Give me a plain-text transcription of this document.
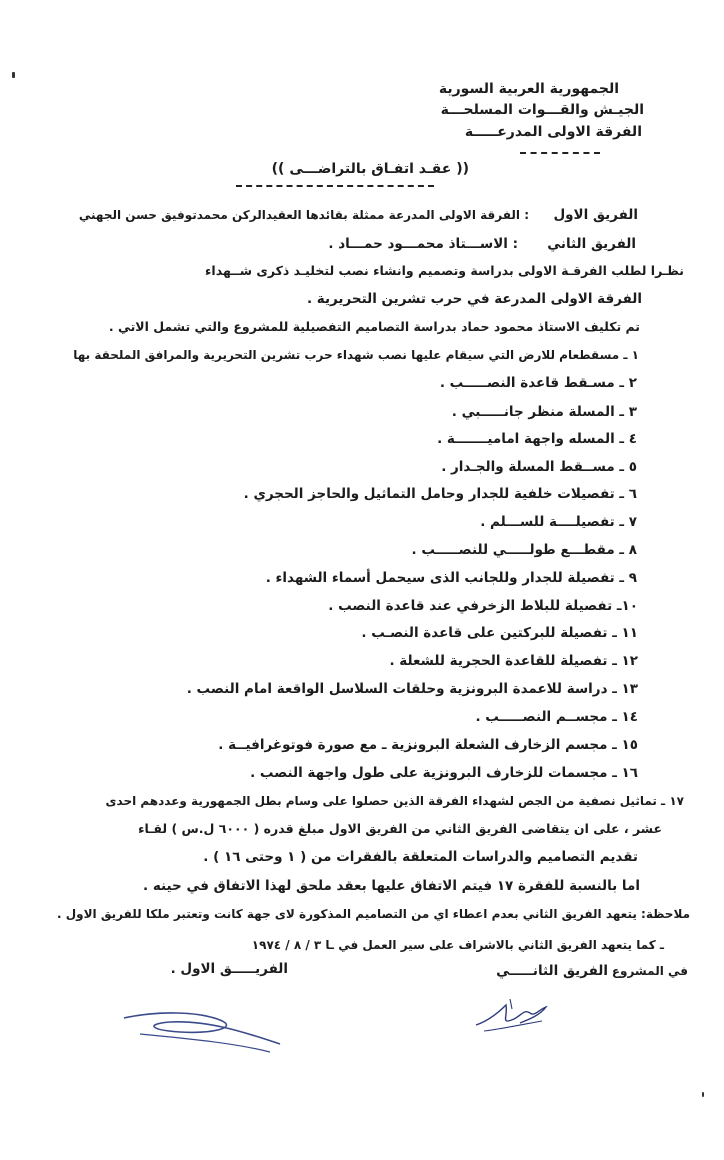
الجمهورية العربية السورية
الجيـش والقـــوات المسلحـــة
الفرقة الاولى المدرعـــــة
(( عقـد اتفـاق بالتراضـــى ))
الفريق الاول
: الفرقة الاولى المدرعة ممثلة بقائدها العقيدالركن محمدتوفيق حسن الجهني
الفريق الثاني
: الاســـتاذ محمـــود حمـــاد .
نظـرا لطلب الفرقـة الاولى بدراسة وتصميم وانشاء نصب لتخليـد ذكرى شــهداء
الفرقة الاولى المدرعة في حرب تشرين التحريرية .
تم تكليف الاستاذ محمود حماد بدراسة التصاميم التفصيلية للمشروع والتي تشمل الاتي .
١ ـ مسقطعام للارض التي سيقام عليها نصب شهداء حرب تشرين التحريرية والمرافق الملحقة بها
٢ ـ مسـقط قاعدة النصـــــب .
٣ ـ المسلة منظر جانـــــبي .
٤ ـ المسله واجهة اماميـــــــة .
٥ ـ مســقط المسلة والجـدار .
٦ ـ تفصيلات خلفية للجدار وحامل التماثيل والحاجز الحجري .
٧ ـ تفصيلــــة للســـلم .
٨ ـ مقطـــع طولـــــي للنصـــــب .
٩ ـ تفصيلة للجدار وللجانب الذى سيحمل أسماء الشهداء .
١٠ـ تفصيلة للبلاط الزخرفي عند قاعدة النصب .
١١ ـ تفصيلة للبركتين على قاعدة النصـب .
١٢ ـ تفصيلة للقاعدة الحجرية للشعلة .
١٣ ـ دراسة للاعمدة البرونزية وحلقات السلاسل الواقعة امام النصب .
١٤ ـ مجســم النصـــــب .
١٥ ـ مجسم الزخارف الشعلة البرونزية ـ مع صورة فوتوغرافيــة .
١٦ ـ مجسمات للزخارف البرونزية على طول واجهة النصب .
١٧ ـ تماثيل نصفية من الجص لشهداء الفرقة الذين حصلوا على وسام بطل الجمهورية وعددهم احدى
عشر ، على ان يتقاضى الفريق الثاني من الفريق الاول مبلغ قدره ( ٦٠٠٠ ل.س ) لقـاء
تقديم التصاميم والدراسات المتعلقة بالفقرات من ( ١ وحتى ١٦ ) .
اما بالنسبة للفقرة ١٧ فيتم الاتفاق عليها بعقد ملحق لهذا الاتفاق في حينه .
ملاحظة: يتعهد الفريق الثاني بعدم اعطاء اي من التصاميم المذكورة لاى جهة كانت وتعتبر ملكا للفريق الاول .
ـ كما يتعهد الفريق الثاني بالاشراف على سير العمل في ـا ٣ / ٨ / ١٩٧٤
في المشروع .
الفريق الثانـــــي
الفريـــــق الاول .
